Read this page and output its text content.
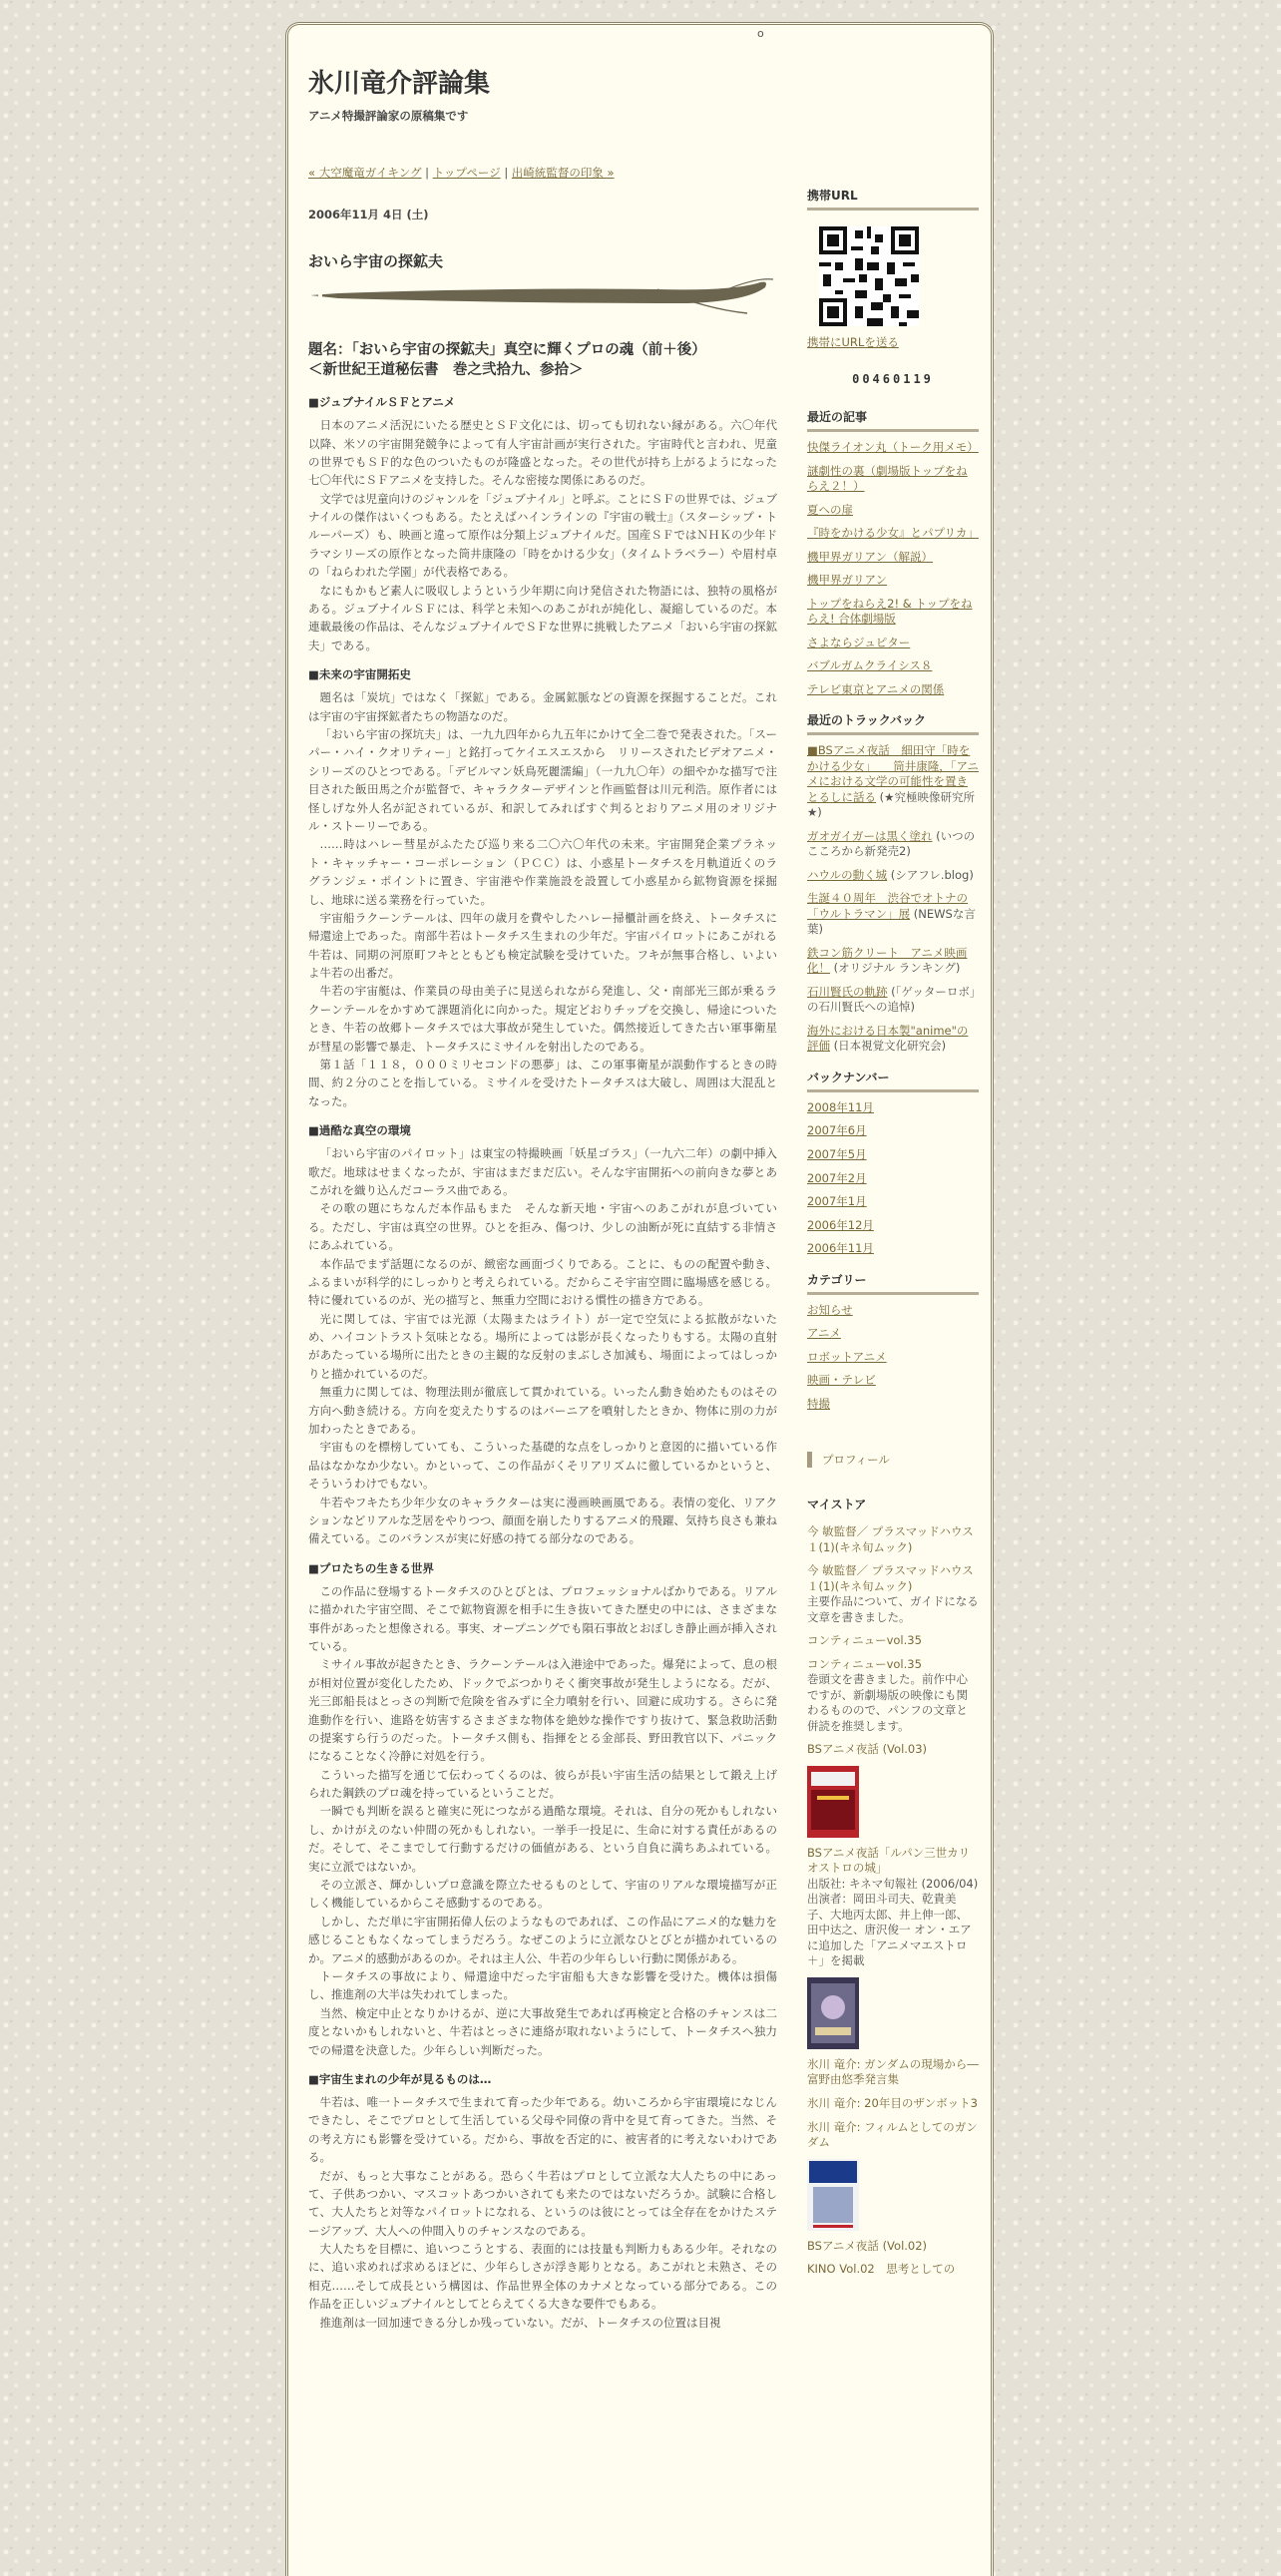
o
氷川竜介評論集
アニメ特撮評論家の原稿集です
« 大空魔竜ガイキング | トップページ | 出崎統監督の印象 »
2006年11月 4日 (土)
おいら宇宙の探鉱夫
題名：「おいら宇宙の探鉱夫」真空に輝くプロの魂（前＋後）
＜新世紀王道秘伝書　巻之弐拾九、参拾＞
■ジュブナイルＳＦとアニメ

日本のアニメ活況にいたる歴史とＳＦ文化には、切っても切れない縁がある。六〇年代以降、米ソの宇宙開発競争によって有人宇宙計画が実行された。宇宙時代と言われ、児童の世界でもＳＦ的な色のついたものが隆盛となった。その世代が持ち上がるようになった七〇年代にＳＦアニメを支持した。そんな密接な関係にあるのだ。

文学では児童向けのジャンルを「ジュブナイル」と呼ぶ。ことにＳＦの世界では、ジュブナイルの傑作はいくつもある。たとえばハインラインの『宇宙の戦士』（スターシップ・トルーパーズ）も、映画と違って原作は分類上ジュブナイルだ。国産ＳＦではＮＨＫの少年ドラマシリーズの原作となった筒井康隆の「時をかける少女」（タイムトラベラー）や眉村卓の「ねらわれた学園」が代表格である。

なにもかもど素人に吸収しようという少年期に向け発信された物語には、独特の風格がある。ジュブナイルＳＦには、科学と未知へのあこがれが純化し、凝縮しているのだ。本連載最後の作品は、そんなジュブナイルでＳＦな世界に挑戦したアニメ「おいら宇宙の探鉱夫」である。

■未来の宇宙開拓史

題名は「炭坑」ではなく「探鉱」である。金属鉱脈などの資源を探掘することだ。これは宇宙の宇宙探鉱者たちの物語なのだ。

「おいら宇宙の探坑夫」は、一九九四年から九五年にかけて全二巻で発表された。「スーパー・ハイ・クオリティー」と銘打ってケイエスエスから　リリースされたビデオアニメ・シリーズのひとつである。「デビルマン妖鳥死麗濡編」（一九九〇年）の細やかな描写で注目された飯田馬之介が監督で、キャラクターデザインと作画監督は川元利浩。原作者には怪しげな外人名が記されているが、和訳してみればすぐ判るとおりアニメ用のオリジナル・ストーリーである。

……時はハレー彗星がふたたび巡り来る二〇六〇年代の未来。宇宙開発企業プラネット・キャッチャー・コーポレーション（ＰＣＣ）は、小惑星トータチスを月軌道近くのラグランジェ・ポイントに置き、宇宙港や作業施設を設置して小惑星から鉱物資源を採掘し、地球に送る業務を行っていた。

宇宙船ラクーンテールは、四年の歳月を費やしたハレー掃櫃計画を終え、トータチスに帰還途上であった。南部牛若はトータチス生まれの少年だ。宇宙パイロットにあこがれる牛若は、同期の河原町フキとともども検定試験を受けていた。フキが無事合格し、いよいよ牛若の出番だ。

牛若の宇宙艇は、作業員の母由美子に見送られながら発進し、父・南部光三郎が乗るラクーンテールをかすめて課題消化に向かった。規定どおりチップを交換し、帰途についたとき、牛若の故郷トータチスでは大事故が発生していた。偶然接近してきた古い軍事衛星が彗星の影響で暴走、トータチスにミサイルを射出したのである。

第１話「１１８，０００ミリセコンドの悪夢」は、この軍事衛星が誤動作するときの時間、約２分のことを指している。ミサイルを受けたトータチスは大破し、周囲は大混乱となった。

■過酷な真空の環境

「おいら宇宙のパイロット」は東宝の特撮映画「妖星ゴラス」（一九六二年）の劇中挿入歌だ。地球はせまくなったが、宇宙はまだまだ広い。そんな宇宙開拓への前向きな夢とあこがれを織り込んだコーラス曲である。

その歌の題にちなんだ本作品もまた　そんな新天地・宇宙へのあこがれが息づいている。ただし、宇宙は真空の世界。ひとを拒み、傷つけ、少しの油断が死に直結する非情さにあふれている。

本作品でまず話題になるのが、緻密な画面づくりである。ことに、ものの配置や動き、ふるまいが科学的にしっかりと考えられている。だからこそ宇宙空間に臨場感を感じる。特に優れているのが、光の描写と、無重力空間における慣性の描き方である。

光に関しては、宇宙では光源（太陽またはライト）が一定で空気による拡散がないため、ハイコントラスト気味となる。場所によっては影が長くなったりもする。太陽の直射があたっている場所に出たときの主観的な反射のまぶしさ加減も、場面によってはしっかりと描かれているのだ。

無重力に関しては、物理法則が徹底して貫かれている。いったん動き始めたものはその方向へ動き続ける。方向を変えたりするのはバーニアを噴射したときか、物体に別の力が加わったときである。

宇宙ものを標榜していても、こういった基礎的な点をしっかりと意図的に描いている作品はなかなか少ない。かといって、この作品がくそリアリズムに徹しているかというと、そういうわけでもない。

牛若やフキたち少年少女のキャラクターは実に漫画映画風である。表情の変化、リアクションなどリアルな芝居をやりつつ、顔面を崩したりするアニメ的飛躍、気持ち良さも兼ね備えている。このバランスが実に好感の持てる部分なのである。

■プロたちの生きる世界

この作品に登場するトータチスのひとびとは、プロフェッショナルばかりである。リアルに描かれた宇宙空間、そこで鉱物資源を相手に生き抜いてきた歴史の中には、さまざまな事件があったと想像される。事実、オープニングでも隕石事故とおぼしき静止画が挿入されている。

ミサイル事故が起きたとき、ラクーンテールは入港途中であった。爆発によって、息の根が相対位置が変化したため、ドックでぶつかりそく衝突事故が発生しようになる。だが、光三郎船長はとっさの判断で危険を省みずに全力噴射を行い、回避に成功する。さらに発進動作を行い、進路を妨害するさまざまな物体を絶妙な操作ですり抜けて、緊急救助活動の提案すら行うのだった。トータチス側も、指揮をとる金部長、野田教官以下、パニックになることなく冷静に対処を行う。

こういった描写を通じて伝わってくるのは、彼らが長い宇宙生活の結果として鍛え上げられた鋼鉄のプロ魂を持っているということだ。

一瞬でも判断を誤ると確実に死につながる過酷な環境。それは、自分の死かもしれないし、かけがえのない仲間の死かもしれない。一挙手一投足に、生命に対する責任があるのだ。そして、そこまでして行動するだけの価値がある、という自負に満ちあふれている。実に立派ではないか。

その立派さ、輝かしいプロ意識を際立たせるものとして、宇宙のリアルな環境描写が正しく機能しているからこそ感動するのである。

しかし、ただ単に宇宙開拓偉人伝のようなものであれば、この作品にアニメ的な魅力を感じることもなくなってしまうだろう。なぜこのように立派なひとびとが描かれているのか。アニメ的感動があるのか。それは主人公、牛若の少年らしい行動に関係がある。

トータチスの事故により、帰還途中だった宇宙船も大きな影響を受けた。機体は損傷し、推進剤の大半は失われてしまった。

当然、検定中止となりかけるが、逆に大事故発生であれば再検定と合格のチャンスは二度とないかもしれないと、牛若はとっさに連絡が取れないようにして、トータチスへ独力での帰還を決意した。少年らしい判断だった。

■宇宙生まれの少年が見るものは…

牛若は、唯一トータチスで生まれて育った少年である。幼いころから宇宙環境になじんできたし、そこでプロとして生活している父母や同僚の背中を見て育ってきた。当然、その考え方にも影響を受けている。だから、事故を否定的に、被害者的に考えないわけである。

だが、もっと大事なことがある。恐らく牛若はプロとして立派な大人たちの中にあって、子供あつかい、マスコットあつかいされても来たのではないだろうか。試験に合格して、大人たちと対等なパイロットになれる、というのは彼にとっては全存在をかけたステージアップ、大人への仲間入りのチャンスなのである。

大人たちを目標に、追いつこうとする、表面的には技量も判断力もある少年。それなのに、追い求めれば求めるほどに、少年らしさが浮き彫りとなる。あこがれと未熟さ、その相克……そして成長という構図は、作品世界全体のカナメとなっている部分である。この作品を正しいジュブナイルとしてとらえてくる大きな要件でもある。

推進剤は一回加速できる分しか残っていない。だが、トータチスの位置は目視

携帯URL
携帯にURLを送る
00460119
最近の記事
快傑ライオン丸（トーク用メモ）
謎劇性の裏（劇場版トップをねらえ２！）
夏への扉
『時をかける少女』とパプリカ」
機甲界ガリアン（解説）
機甲界ガリアン
トップをねらえ2! & トップをねらえ! 合体劇場版
さよならジュピター
バブルガムクライシス８
テレビ東京とアニメの関係
最近のトラックバック
■BSアニメ夜話　細田守「時をかける少女」　　筒井康隆，「アニメにおける文学の可能性を置きとるしに話る (★究極映像研究所★)
ガオガイガーは黒く塗れ (いつのこころから新発売2)
ハウルの動く城 (シアフレ.blog)
生誕４０周年　渋谷でオトナの「ウルトラマン」展 (NEWSな言葉)
鉄コン筋クリート　アニメ映画化！ (オリジナル ランキング)
石川賢氏の軌跡 (「ゲッターロボ」の石川賢氏への追悼)
海外における日本製"anime"の評価 (日本視覚文化研究会)
バックナンバー
2008年11月
2007年6月
2007年5月
2007年2月
2007年1月
2006年12月
2006年11月
カテゴリー
お知らせ
アニメ
ロボットアニメ
映画・テレビ
特撮
プロフィール
マイストア
今 敏監督／ プラスマッドハウス１(1)(キネ旬ムック)
今 敏監督／ プラスマッドハウス１(1)(キネ旬ムック)
主要作品について、ガイドになる文章を書きました。
コンティニューvol.35
コンティニューvol.35
巻頭文を書きました。前作中心ですが、新劇場版の映像にも関わるものので、パンフの文章と併読を推奨します。
BSアニメ夜話 (Vol.03)
BSアニメ夜話「ルパン三世カリオストロの城」
出版社: キネマ旬報社 (2006/04) 出演者：岡田斗司夫、乾貴美子、大地丙太郎、井上伸一郎、田中达之、唐沢俊一 オン・エアに追加した「アニメマエストロ＋」を掲載
氷川 竜介: ガンダムの現場から―富野由悠季発言集
氷川 竜介: 20年目のザンボット3
氷川 竜介: フィルムとしてのガンダム
BSアニメ夜話 (Vol.02)
KINO Vol.02　思考としての
